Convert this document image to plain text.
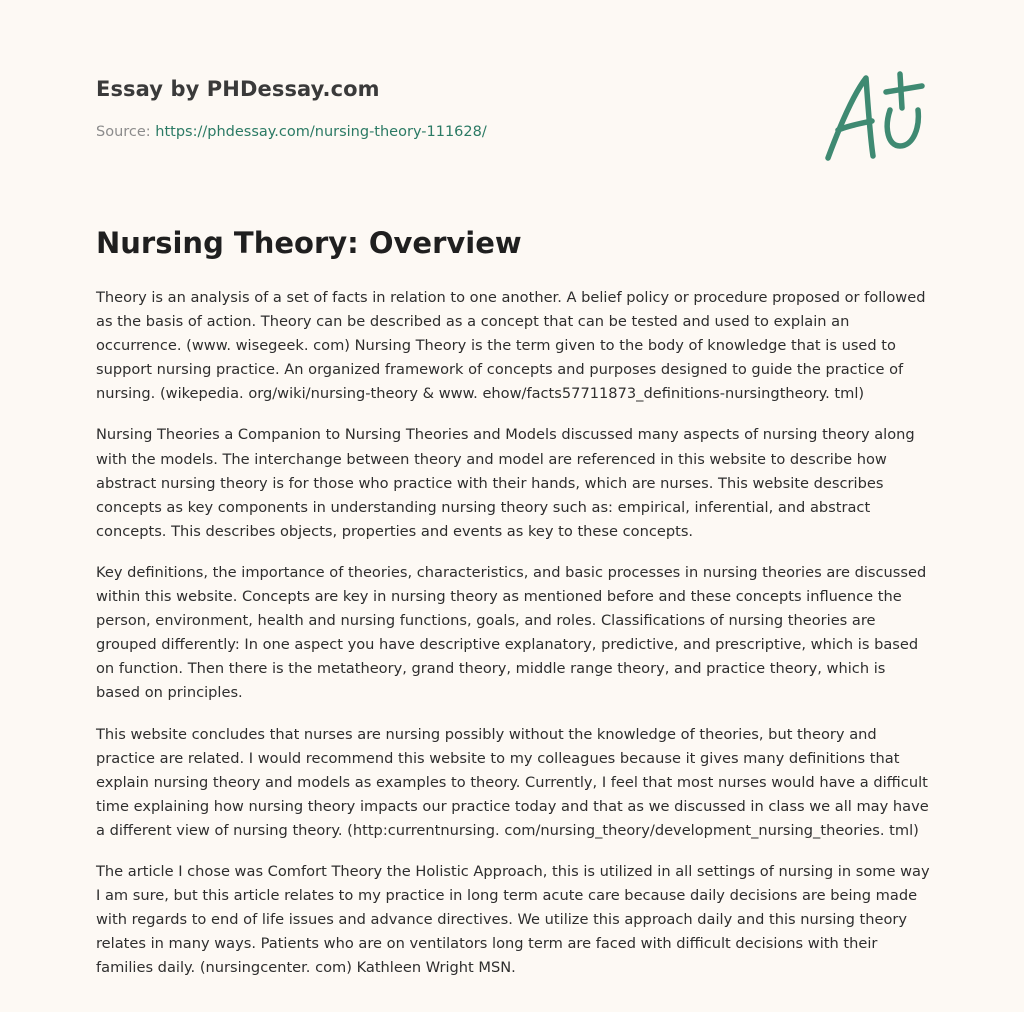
Essay by PHDessay.com
Source: https://phdessay.com/nursing-theory-111628/
Nursing Theory: Overview

Theory is an analysis of a set of facts in relation to one another. A belief policy or procedure proposed or followed as the basis of action. Theory can be described as a concept that can be tested and used to explain an occurrence. (www. wisegeek. com) Nursing Theory is the term given to the body of knowledge that is used to support nursing practice. An organized framework of concepts and purposes designed to guide the practice of nursing. (wikepedia. org/wiki/nursing-theory & www. ehow/facts57711873_definitions-nursingtheory. tml)

Nursing Theories a Companion to Nursing Theories and Models discussed many aspects of nursing theory along with the models. The interchange between theory and model are referenced in this website to describe how abstract nursing theory is for those who practice with their hands, which are nurses. This website describes concepts as key components in understanding nursing theory such as: empirical, inferential, and abstract concepts. This describes objects, properties and events as key to these concepts.

Key definitions, the importance of theories, characteristics, and basic processes in nursing theories are discussed within this website. Concepts are key in nursing theory as mentioned before and these concepts influence the person, environment, health and nursing functions, goals, and roles. Classifications of nursing theories are grouped differently: In one aspect you have descriptive explanatory, predictive, and prescriptive, which is based on function. Then there is the metatheory, grand theory, middle range theory, and practice theory, which is based on principles.

This website concludes that nurses are nursing possibly without the knowledge of theories, but theory and practice are related. I would recommend this website to my colleagues because it gives many definitions that explain nursing theory and models as examples to theory. Currently, I feel that most nurses would have a difficult time explaining how nursing theory impacts our practice today and that as we discussed in class we all may have a different view of nursing theory. (http:currentnursing. com/nursing_theory/development_nursing_theories. tml)

The article I chose was Comfort Theory the Holistic Approach, this is utilized in all settings of nursing in some way I am sure, but this article relates to my practice in long term acute care because daily decisions are being made with regards to end of life issues and advance directives. We utilize this approach daily and this nursing theory relates in many ways. Patients who are on ventilators long term are faced with difficult decisions with their families daily. (nursingcenter. com) Kathleen Wright MSN.
